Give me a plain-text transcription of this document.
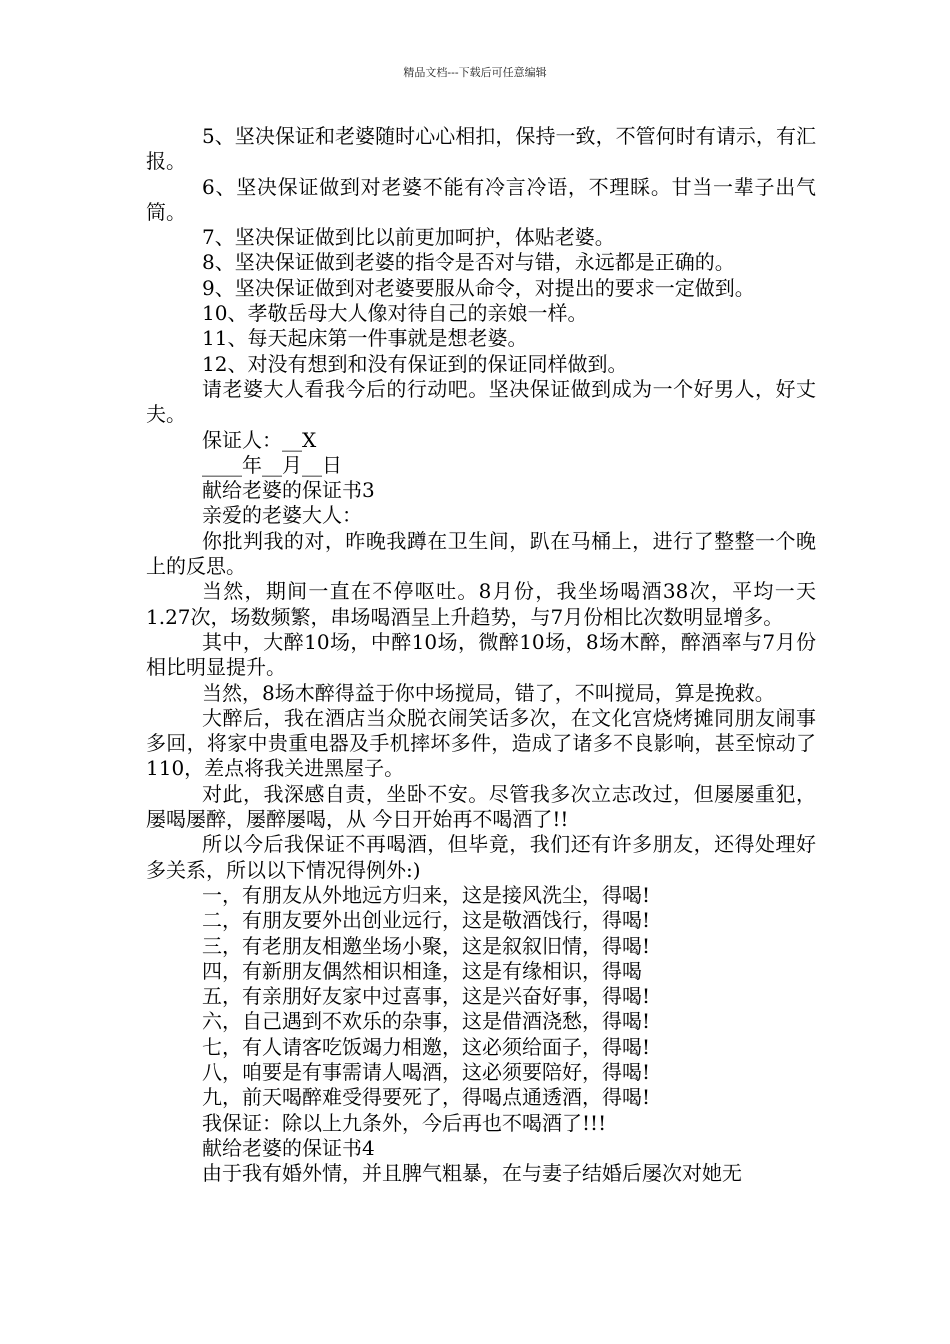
精品文档---下载后可任意编辑

5、坚决保证和老婆随时心心相扣，保持一致，不管何时有请示，有汇报。

6、坚决保证做到对老婆不能有冷言冷语，不理睬。甘当一辈子出气筒。

7、坚决保证做到比以前更加呵护，体贴老婆。

8、坚决保证做到老婆的指令是否对与错，永远都是正确的。

9、坚决保证做到对老婆要服从命令，对提出的要求一定做到。

10、孝敬岳母大人像对待自己的亲娘一样。

11、每天起床第一件事就是想老婆。

12、对没有想到和没有保证到的保证同样做到。

请老婆大人看我今后的行动吧。坚决保证做到成为一个好男人，好丈夫。

保证人：__X

____年__月__日

献给老婆的保证书3

亲爱的老婆大人：

你批判我的对，昨晚我蹲在卫生间，趴在马桶上，进行了整整一个晚上的反思。

当然，期间一直在不停呕吐。8月份，我坐场喝酒38次，平均一天1.27次，场数频繁，串场喝酒呈上升趋势，与7月份相比次数明显增多。

其中，大醉10场，中醉10场，微醉10场，8场木醉，醉酒率与7月份相比明显提升。

当然，8场木醉得益于你中场搅局，错了，不叫搅局，算是挽救。

大醉后，我在酒店当众脱衣闹笑话多次，在文化宫烧烤摊同朋友闹事多回，将家中贵重电器及手机摔坏多件，造成了诸多不良影响，甚至惊动了110，差点将我关进黑屋子。

对此，我深感自责，坐卧不安。尽管我多次立志改过，但屡屡重犯，屡喝屡醉，屡醉屡喝，从 今日开始再不喝酒了!!

所以今后我保证不再喝酒，但毕竟，我们还有许多朋友，还得处理好多关系，所以以下情况得例外:)

一，有朋友从外地远方归来，这是接风洗尘，得喝!

二，有朋友要外出创业远行，这是敬酒饯行，得喝!

三，有老朋友相邀坐场小聚，这是叙叙旧情，得喝!

四，有新朋友偶然相识相逢，这是有缘相识，得喝

五，有亲朋好友家中过喜事，这是兴奋好事，得喝!

六，自己遇到不欢乐的杂事，这是借酒浇愁，得喝!

七，有人请客吃饭竭力相邀，这必须给面子，得喝!

八，咱要是有事需请人喝酒，这必须要陪好，得喝!

九，前天喝醉难受得要死了，得喝点通透酒，得喝!

我保证：除以上九条外，今后再也不喝酒了!!!

献给老婆的保证书4

由于我有婚外情，并且脾气粗暴，在与妻子结婚后屡次对她无
